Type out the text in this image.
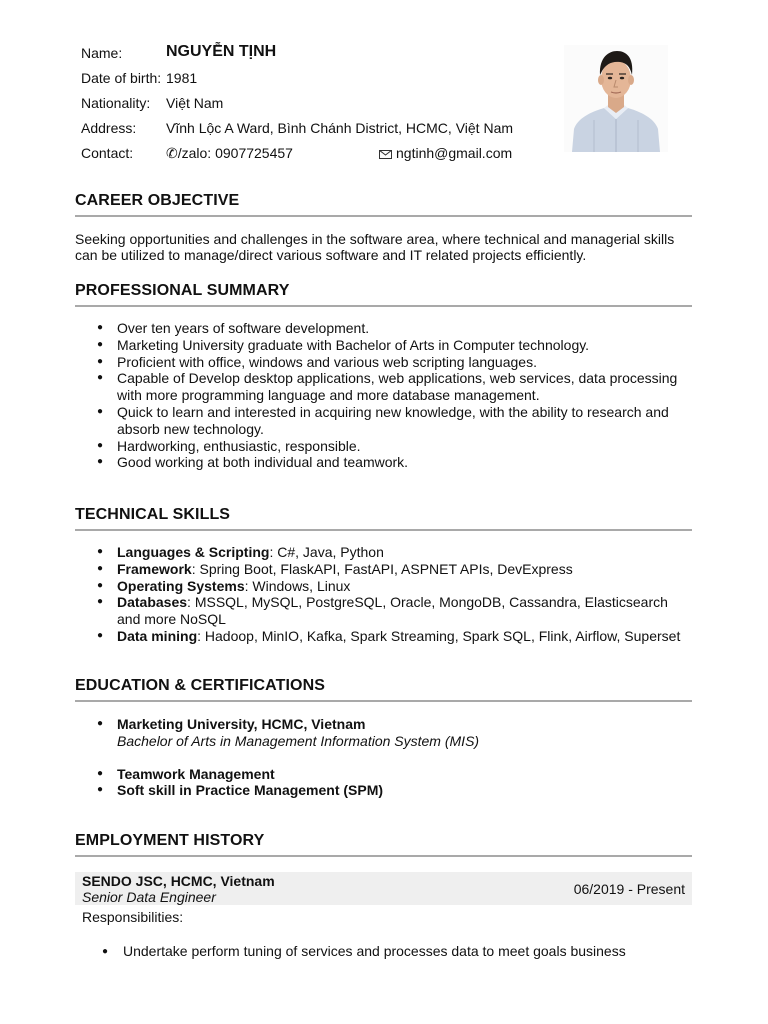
Name:	NGUYỄN TỊNH
Date of birth: 1981
Nationality: Việt Nam
Address: Vĩnh Lộc A Ward, Bình Chánh District, HCMC, Việt Nam
Contact: ✆/zalo: 0907725457	ngtinh@gmail.com
CAREER OBJECTIVE
Seeking opportunities and challenges in the software area, where technical and managerial skills can be utilized to manage/direct various software and IT related projects efficiently.
PROFESSIONAL SUMMARY
● Over ten years of software development.
● Marketing University graduate with Bachelor of Arts in Computer technology.
● Proficient with office, windows and various web scripting languages.
● Capable of Develop desktop applications, web applications, web services, data processing with more programming language and more database management.
● Quick to learn and interested in acquiring new knowledge, with the ability to research and absorb new technology.
● Hardworking, enthusiastic, responsible.
● Good working at both individual and teamwork.
TECHNICAL SKILLS
● Languages & Scripting: C#, Java, Python
● Framework: Spring Boot, FlaskAPI, FastAPI, ASPNET APIs, DevExpress
● Operating Systems: Windows, Linux
● Databases: MSSQL, MySQL, PostgreSQL, Oracle, MongoDB, Cassandra, Elasticsearch and more NoSQL
● Data mining: Hadoop, MinIO, Kafka, Spark Streaming, Spark SQL, Flink, Airflow, Superset
EDUCATION & CERTIFICATIONS
● Marketing University, HCMC, Vietnam
Bachelor of Arts in Management Information System (MIS)
● Teamwork Management
● Soft skill in Practice Management (SPM)
EMPLOYMENT HISTORY
SENDO JSC, HCMC, Vietnam
Senior Data Engineer	06/2019 - Present
Responsibilities:
● Undertake perform tuning of services and processes data to meet goals business
